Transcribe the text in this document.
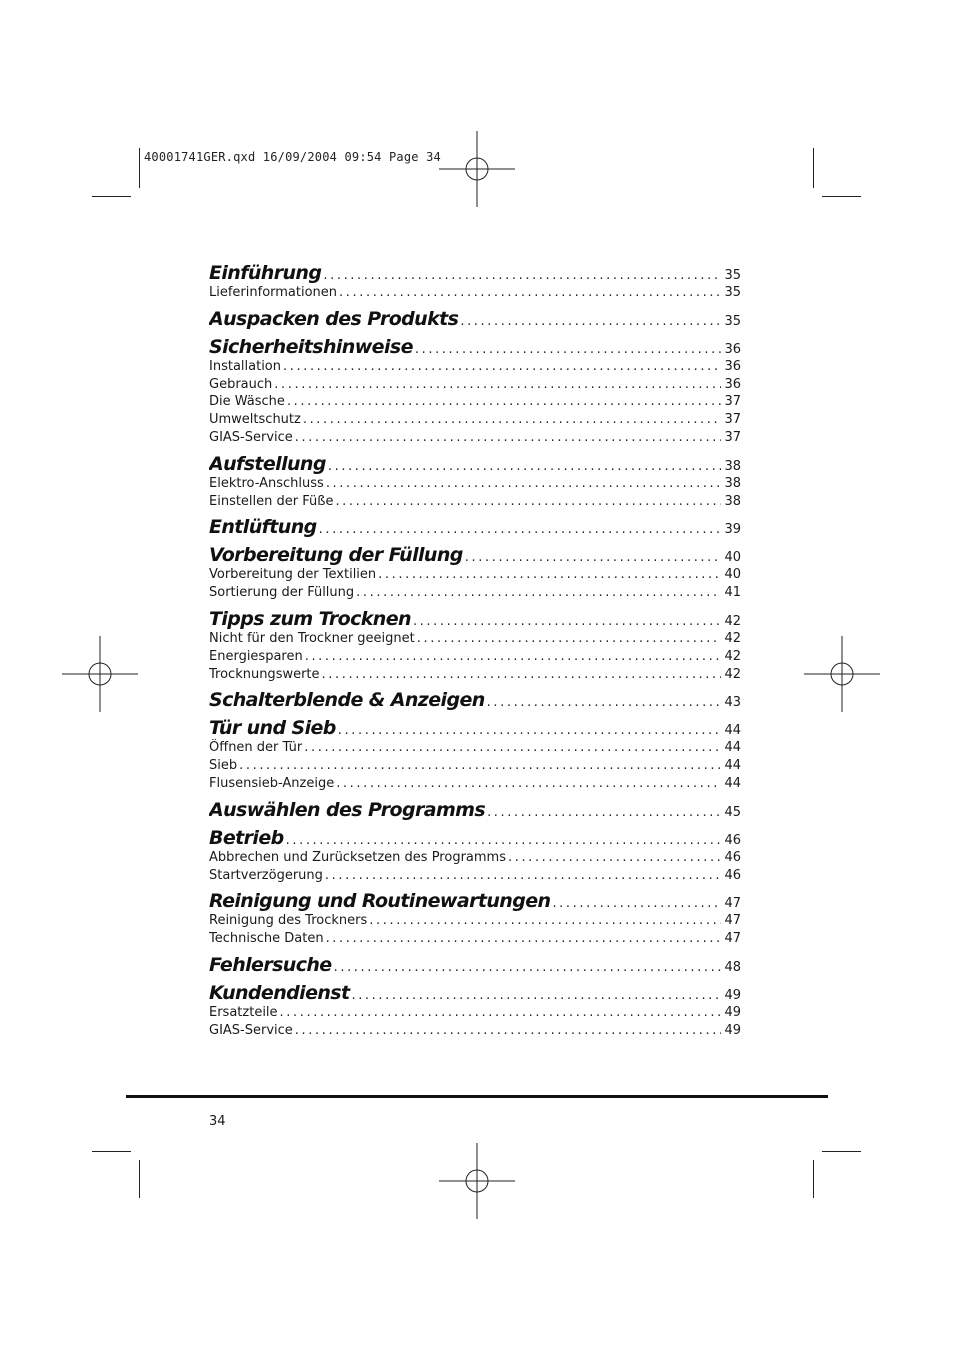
40001741GER.qxd 16/09/2004 09:54 Page 34
Einführung .....	35
Lieferinformationen .....	35
Auspacken des Produkts .....	35
Sicherheitshinweise .....	36
Installation .....	36
Gebrauch .....	36
Die Wäsche .....	37
Umweltschutz .....	37
GIAS-Service .....	37
Aufstellung .....	38
Elektro-Anschluss .....	38
Einstellen der Füße .....	38
Entlüftung .....	39
Vorbereitung der Füllung .....	40
Vorbereitung der Textilien .....	40
Sortierung der Füllung .....	41
Tipps zum Trocknen .....	42
Nicht für den Trockner geeignet .....	42
Energiesparen .....	42
Trocknungswerte .....	42
Schalterblende & Anzeigen .....	43
Tür und Sieb .....	44
Öffnen der Tür .....	44
Sieb .....	44
Flusensieb-Anzeige .....	44
Auswählen des Programms .....	45
Betrieb .....	46
Abbrechen und Zurücksetzen des Programms .....	46
Startverzögerung .....	46
Reinigung und Routinewartungen .....	47
Reinigung des Trockners .....	47
Technische Daten .....	47
Fehlersuche .....	48
Kundendienst .....	49
Ersatzteile .....	49
GIAS-Service .....	49
34
